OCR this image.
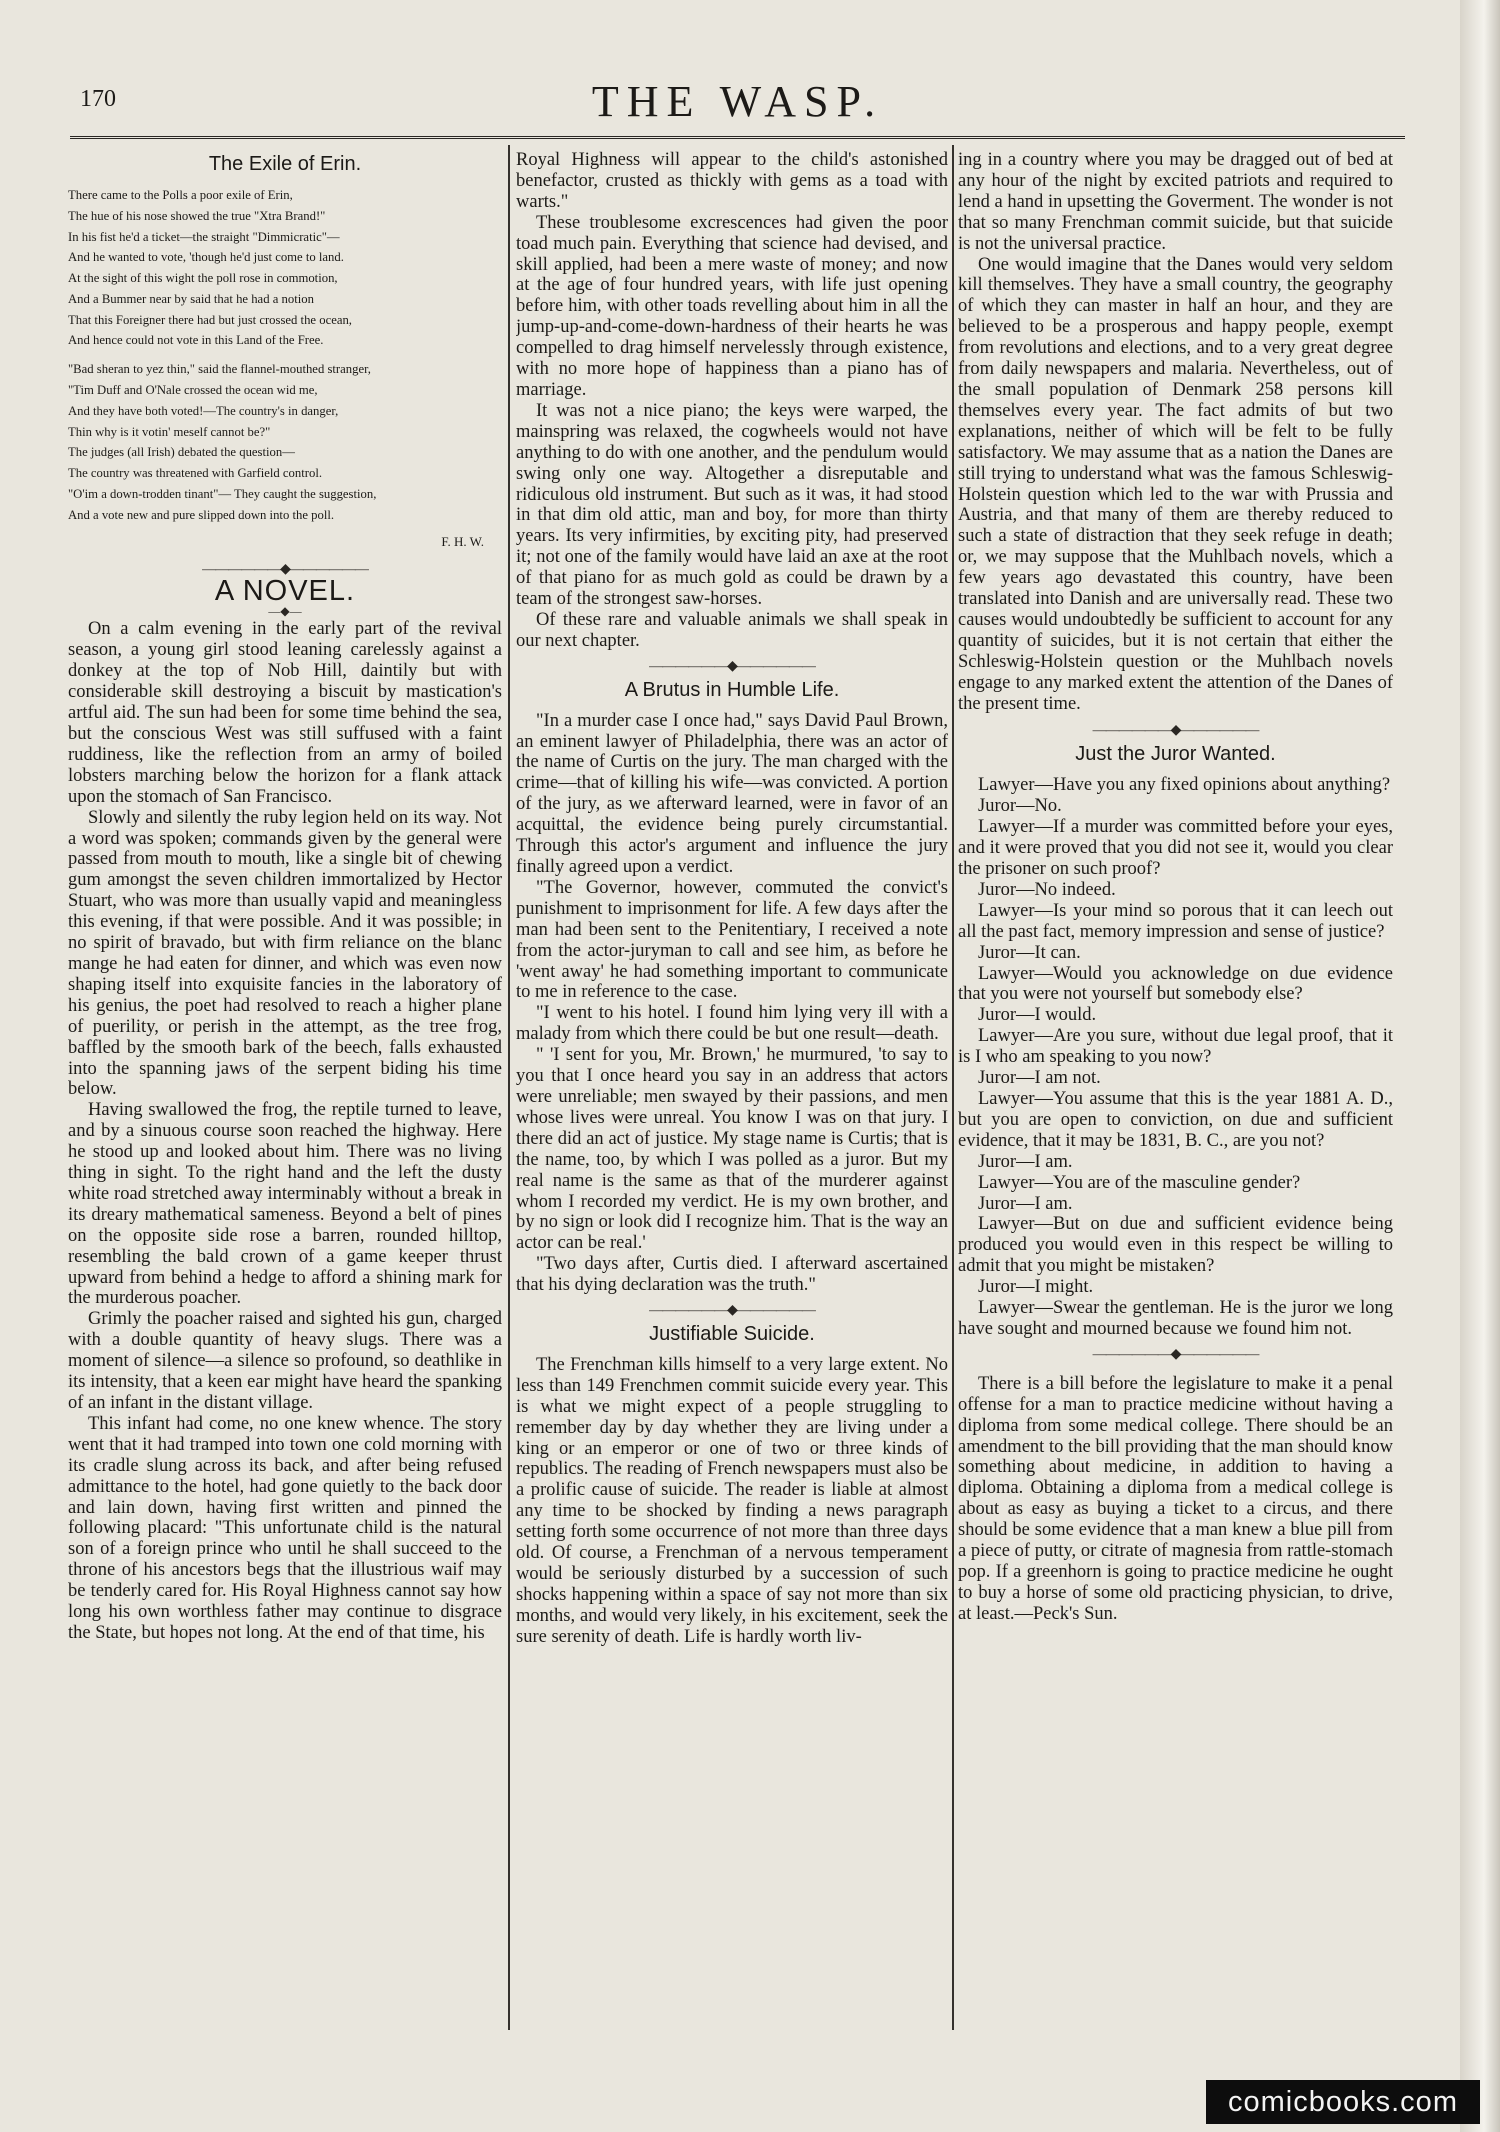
170	THE WASP.
The Exile of Erin.
There came to the Polls a poor exile of Erin,
The hue of his nose showed the true "Xtra Brand!"
In his fist he'd a ticket—the straight "Dimmicratic"—
And he wanted to vote, 'though he'd just come to land.
At the sight of this wight the poll rose in commotion,
And a Bummer near by said that he had a notion
That this Foreigner there had but just crossed the ocean,
And hence could not vote in this Land of the Free.
"Bad sheran to yez thin," said the flannel-mouthed stranger,
"Tim Duff and O'Nale crossed the ocean wid me,
And they have both voted!—The country's in danger,
Thin why is it votin' meself cannot be?"
The judges (all Irish) debated the question—
The country was threatened with Garfield control.
"O'im a down-trodden tinant"— They caught the suggestion,
And a vote new and pure slipped down into the poll.
F. H. W.
——————◆——————
A NOVEL.
—◆—

On a calm evening in the early part of the revival season, a young girl stood leaning carelessly against a donkey at the top of Nob Hill, daintily but with considerable skill destroying a biscuit by mastication's artful aid. The sun had been for some time behind the sea, but the conscious West was still suffused with a faint ruddiness, like the reflection from an army of boiled lobsters marching below the horizon for a flank attack upon the stomach of San Francisco.

Slowly and silently the ruby legion held on its way. Not a word was spoken; commands given by the general were passed from mouth to mouth, like a single bit of chewing gum amongst the seven children immortalized by Hector Stuart, who was more than usually vapid and meaningless this evening, if that were possible. And it was possible; in no spirit of bravado, but with firm reliance on the blanc mange he had eaten for dinner, and which was even now shaping itself into exquisite fancies in the laboratory of his genius, the poet had resolved to reach a higher plane of puerility, or perish in the attempt, as the tree frog, baffled by the smooth bark of the beech, falls exhausted into the spanning jaws of the serpent biding his time below.

Having swallowed the frog, the reptile turned to leave, and by a sinuous course soon reached the highway. Here he stood up and looked about him. There was no living thing in sight. To the right hand and the left the dusty white road stretched away interminably without a break in its dreary mathematical sameness. Beyond a belt of pines on the opposite side rose a barren, rounded hilltop, resembling the bald crown of a game keeper thrust upward from behind a hedge to afford a shining mark for the murderous poacher.

Grimly the poacher raised and sighted his gun, charged with a double quantity of heavy slugs. There was a moment of silence—a silence so profound, so deathlike in its intensity, that a keen ear might have heard the spanking of an infant in the distant village.

This infant had come, no one knew whence. The story went that it had tramped into town one cold morning with its cradle slung across its back, and after being refused admittance to the hotel, had gone quietly to the back door and lain down, having first written and pinned the following placard: "This unfortunate child is the natural son of a foreign prince who until he shall succeed to the throne of his ancestors begs that the illustrious waif may be tenderly cared for. His Royal Highness cannot say how long his own worthless father may continue to disgrace the State, but hopes not long. At the end of that time, his

Royal Highness will appear to the child's astonished benefactor, crusted as thickly with gems as a toad with warts."

These troublesome excrescences had given the poor toad much pain. Everything that science had devised, and skill applied, had been a mere waste of money; and now at the age of four hundred years, with life just opening before him, with other toads revelling about him in all the jump-up-and-come-down-hardness of their hearts he was compelled to drag himself nervelessly through existence, with no more hope of happiness than a piano has of marriage.

It was not a nice piano; the keys were warped, the mainspring was relaxed, the cogwheels would not have anything to do with one another, and the pendulum would swing only one way. Altogether a disreputable and ridiculous old instrument. But such as it was, it had stood in that dim old attic, man and boy, for more than thirty years. Its very infirmities, by exciting pity, had preserved it; not one of the family would have laid an axe at the root of that piano for as much gold as could be drawn by a team of the strongest saw-horses.

Of these rare and valuable animals we shall speak in our next chapter.

——————◆——————
A Brutus in Humble Life.

"In a murder case I once had," says David Paul Brown, an eminent lawyer of Philadelphia, there was an actor of the name of Curtis on the jury. The man charged with the crime—that of killing his wife—was convicted. A portion of the jury, as we afterward learned, were in favor of an acquittal, the evidence being purely circumstantial. Through this actor's argument and influence the jury finally agreed upon a verdict.

"The Governor, however, commuted the convict's punishment to imprisonment for life. A few days after the man had been sent to the Penitentiary, I received a note from the actor-juryman to call and see him, as before he 'went away' he had something important to communicate to me in reference to the case.

"I went to his hotel. I found him lying very ill with a malady from which there could be but one result—death.

" 'I sent for you, Mr. Brown,' he murmured, 'to say to you that I once heard you say in an address that actors were unreliable; men swayed by their passions, and men whose lives were unreal. You know I was on that jury. I there did an act of justice. My stage name is Curtis; that is the name, too, by which I was polled as a juror. But my real name is the same as that of the murderer against whom I recorded my verdict. He is my own brother, and by no sign or look did I recognize him. That is the way an actor can be real.'

"Two days after, Curtis died. I afterward ascertained that his dying declaration was the truth."

——————◆——————
Justifiable Suicide.

The Frenchman kills himself to a very large extent. No less than 149 Frenchmen commit suicide every year. This is what we might expect of a people struggling to remember day by day whether they are living under a king or an emperor or one of two or three kinds of republics. The reading of French newspapers must also be a prolific cause of suicide. The reader is liable at almost any time to be shocked by finding a news paragraph setting forth some occurrence of not more than three days old. Of course, a Frenchman of a nervous temperament would be seriously disturbed by a succession of such shocks happening within a space of say not more than six months, and would very likely, in his excitement, seek the sure serenity of death. Life is hardly worth liv-

ing in a country where you may be dragged out of bed at any hour of the night by excited patriots and required to lend a hand in upsetting the Goverment. The wonder is not that so many Frenchman commit suicide, but that suicide is not the universal practice.

One would imagine that the Danes would very seldom kill themselves. They have a small country, the geography of which they can master in half an hour, and they are believed to be a prosperous and happy people, exempt from revolutions and elections, and to a very great degree from daily newspapers and malaria. Nevertheless, out of the small population of Denmark 258 persons kill themselves every year. The fact admits of but two explanations, neither of which will be felt to be fully satisfactory. We may assume that as a nation the Danes are still trying to understand what was the famous Schleswig-Holstein question which led to the war with Prussia and Austria, and that many of them are thereby reduced to such a state of distraction that they seek refuge in death; or, we may suppose that the Muhlbach novels, which a few years ago devastated this country, have been translated into Danish and are universally read. These two causes would undoubtedly be sufficient to account for any quantity of suicides, but it is not certain that either the Schleswig-Holstein question or the Muhlbach novels engage to any marked extent the attention of the Danes of the present time.

——————◆——————
Just the Juror Wanted.

Lawyer—Have you any fixed opinions about anything?

Juror—No.

Lawyer—If a murder was committed before your eyes, and it were proved that you did not see it, would you clear the prisoner on such proof?

Juror—No indeed.

Lawyer—Is your mind so porous that it can leech out all the past fact, memory impression and sense of justice?

Juror—It can.

Lawyer—Would you acknowledge on due evidence that you were not yourself but somebody else?

Juror—I would.

Lawyer—Are you sure, without due legal proof, that it is I who am speaking to you now?

Juror—I am not.

Lawyer—You assume that this is the year 1881 A. D., but you are open to conviction, on due and sufficient evidence, that it may be 1831, B. C., are you not?

Juror—I am.

Lawyer—You are of the masculine gender?

Juror—I am.

Lawyer—But on due and sufficient evidence being produced you would even in this respect be willing to admit that you might be mistaken?

Juror—I might.

Lawyer—Swear the gentleman. He is the juror we long have sought and mourned because we found him not.

——————◆——————

There is a bill before the legislature to make it a penal offense for a man to practice medicine without having a diploma from some medical college. There should be an amendment to the bill providing that the man should know something about medicine, in addition to having a diploma. Obtaining a diploma from a medical college is about as easy as buying a ticket to a circus, and there should be some evidence that a man knew a blue pill from a piece of putty, or citrate of magnesia from rattle-stomach pop. If a greenhorn is going to practice medicine he ought to buy a horse of some old practicing physician, to drive, at least.—Peck's Sun.

comicbooks.com
